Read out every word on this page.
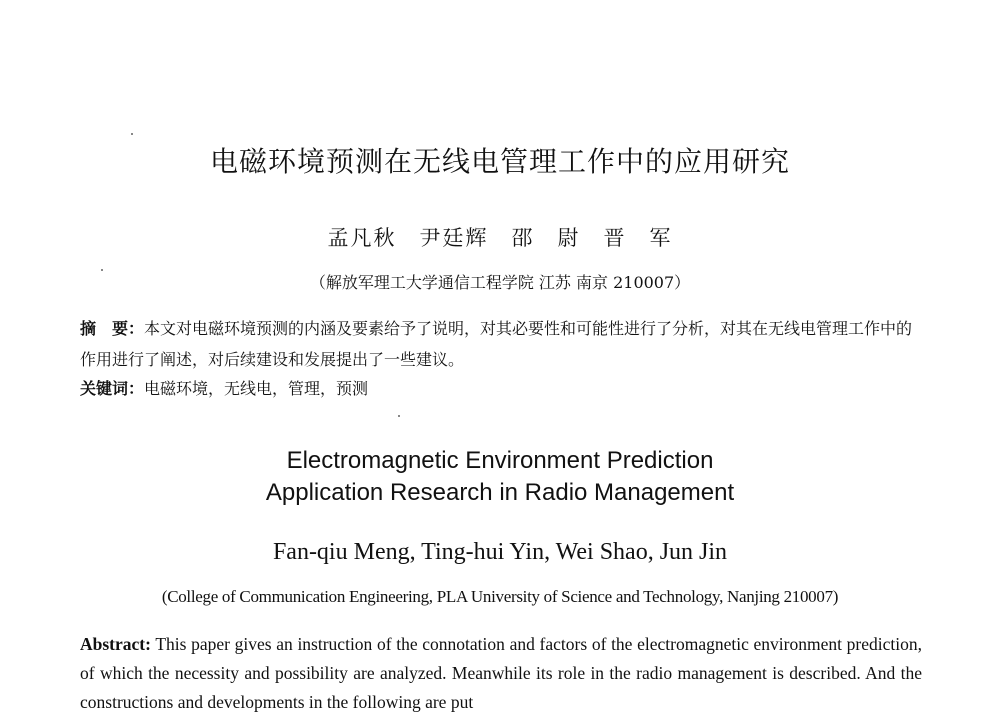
电磁环境预测在无线电管理工作中的应用研究
孟凡秋　尹廷辉　邵　尉　晋　军
（解放军理工大学通信工程学院 江苏 南京 210007）
摘　要：本文对电磁环境预测的内涵及要素给予了说明，对其必要性和可能性进行了分析，对其在无线电管理工作中的作用进行了阐述，对后续建设和发展提出了一些建议。
关键词：电磁环境，无线电，管理，预测
Electromagnetic Environment Prediction
Application Research in Radio Management
Fan-qiu Meng, Ting-hui Yin, Wei Shao, Jun Jin
(College of Communication Engineering, PLA University of Science and Technology, Nanjing 210007)
Abstract: This paper gives an instruction of the connotation and factors of the electromagnetic environment prediction, of which the necessity and possibility are analyzed. Meanwhile its role in the radio management is described. And the constructions and developments in the following are put
